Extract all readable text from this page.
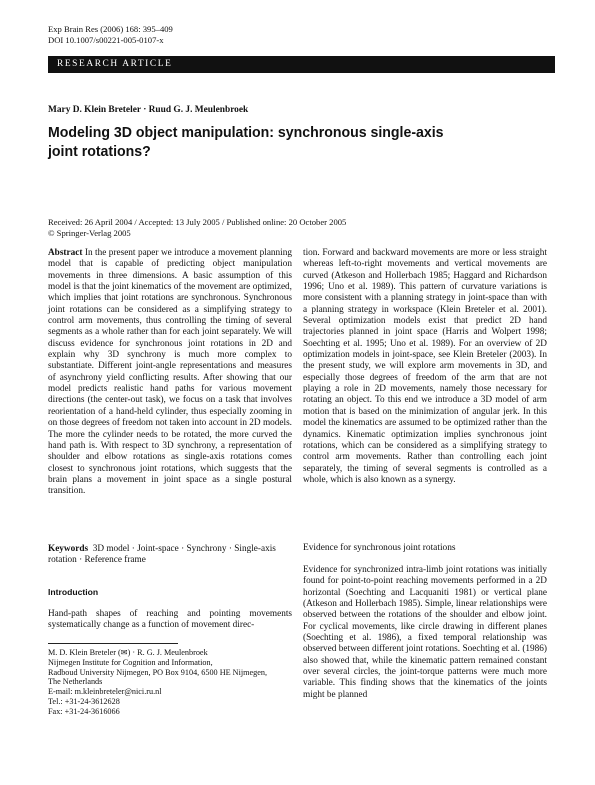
Exp Brain Res (2006) 168: 395–409
DOI 10.1007/s00221-005-0107-x
RESEARCH ARTICLE
Mary D. Klein Breteler · Ruud G. J. Meulenbroek
Modeling 3D object manipulation: synchronous single-axis
joint rotations?
Received: 26 April 2004 / Accepted: 13 July 2005 / Published online: 20 October 2005
© Springer-Verlag 2005

Abstract In the present paper we introduce a movement planning model that is capable of predicting object manipulation movements in three dimensions. A basic assumption of this model is that the joint kinematics of the movement are optimized, which implies that joint rotations are synchronous. Synchronous joint rotations can be considered as a simplifying strategy to control arm movements, thus controlling the timing of several segments as a whole rather than for each joint separately. We will discuss evidence for synchronous joint rotations in 2D and explain why 3D synchrony is much more complex to substantiate. Different joint-angle representations and measures of asynchrony yield conflicting results. After showing that our model predicts realistic hand paths for various movement directions (the center-out task), we focus on a task that involves reorientation of a hand-held cylinder, thus especially zooming in on those degrees of freedom not taken into account in 2D models. The more the cylinder needs to be rotated, the more curved the hand path is. With respect to 3D synchrony, a representation of shoulder and elbow rotations as single-axis rotations comes closest to synchronous joint rotations, which suggests that the brain plans a movement in joint space as a single postural transition.

Keywords 3D model · Joint-space · Synchrony · Single-axis rotation · Reference frame
Introduction
Hand-path shapes of reaching and pointing movements systematically change as a function of movement direc-
M. D. Klein Breteler (✉) · R. G. J. Meulenbroek
Nijmegen Institute for Cognition and Information,
Radboud University Nijmegen, PO Box 9104, 6500 HE Nijmegen,
The Netherlands
E-mail: m.kleinbreteler@nici.ru.nl
Tel.: +31-24-3612628
Fax: +31-24-3616066

tion. Forward and backward movements are more or less straight whereas left-to-right movements and vertical movements are curved (Atkeson and Hollerbach 1985; Haggard and Richardson 1996; Uno et al. 1989). This pattern of curvature variations is more consistent with a planning strategy in joint-space than with a planning strategy in workspace (Klein Breteler et al. 2001). Several optimization models exist that predict 2D hand trajectories planned in joint space (Harris and Wolpert 1998; Soechting et al. 1995; Uno et al. 1989). For an overview of 2D optimization models in joint-space, see Klein Breteler (2003). In the present study, we will explore arm movements in 3D, and especially those degrees of freedom of the arm that are not playing a role in 2D movements, namely those necessary for rotating an object. To this end we introduce a 3D model of arm motion that is based on the minimization of angular jerk. In this model the kinematics are assumed to be optimized rather than the dynamics. Kinematic optimization implies synchronous joint rotations, which can be considered as a simplifying strategy to control arm movements. Rather than controlling each joint separately, the timing of several segments is controlled as a whole, which is also known as a synergy.

Evidence for synchronous joint rotations

Evidence for synchronized intra-limb joint rotations was initially found for point-to-point reaching movements performed in a 2D horizontal (Soechting and Lacquaniti 1981) or vertical plane (Atkeson and Hollerbach 1985). Simple, linear relationships were observed between the rotations of the shoulder and elbow joint. For cyclical movements, like circle drawing in different planes (Soechting et al. 1986), a fixed temporal relationship was observed between different joint rotations. Soechting et al. (1986) also showed that, while the kinematic pattern remained constant over several circles, the joint-torque patterns were much more variable. This finding shows that the kinematics of the joints might be planned
